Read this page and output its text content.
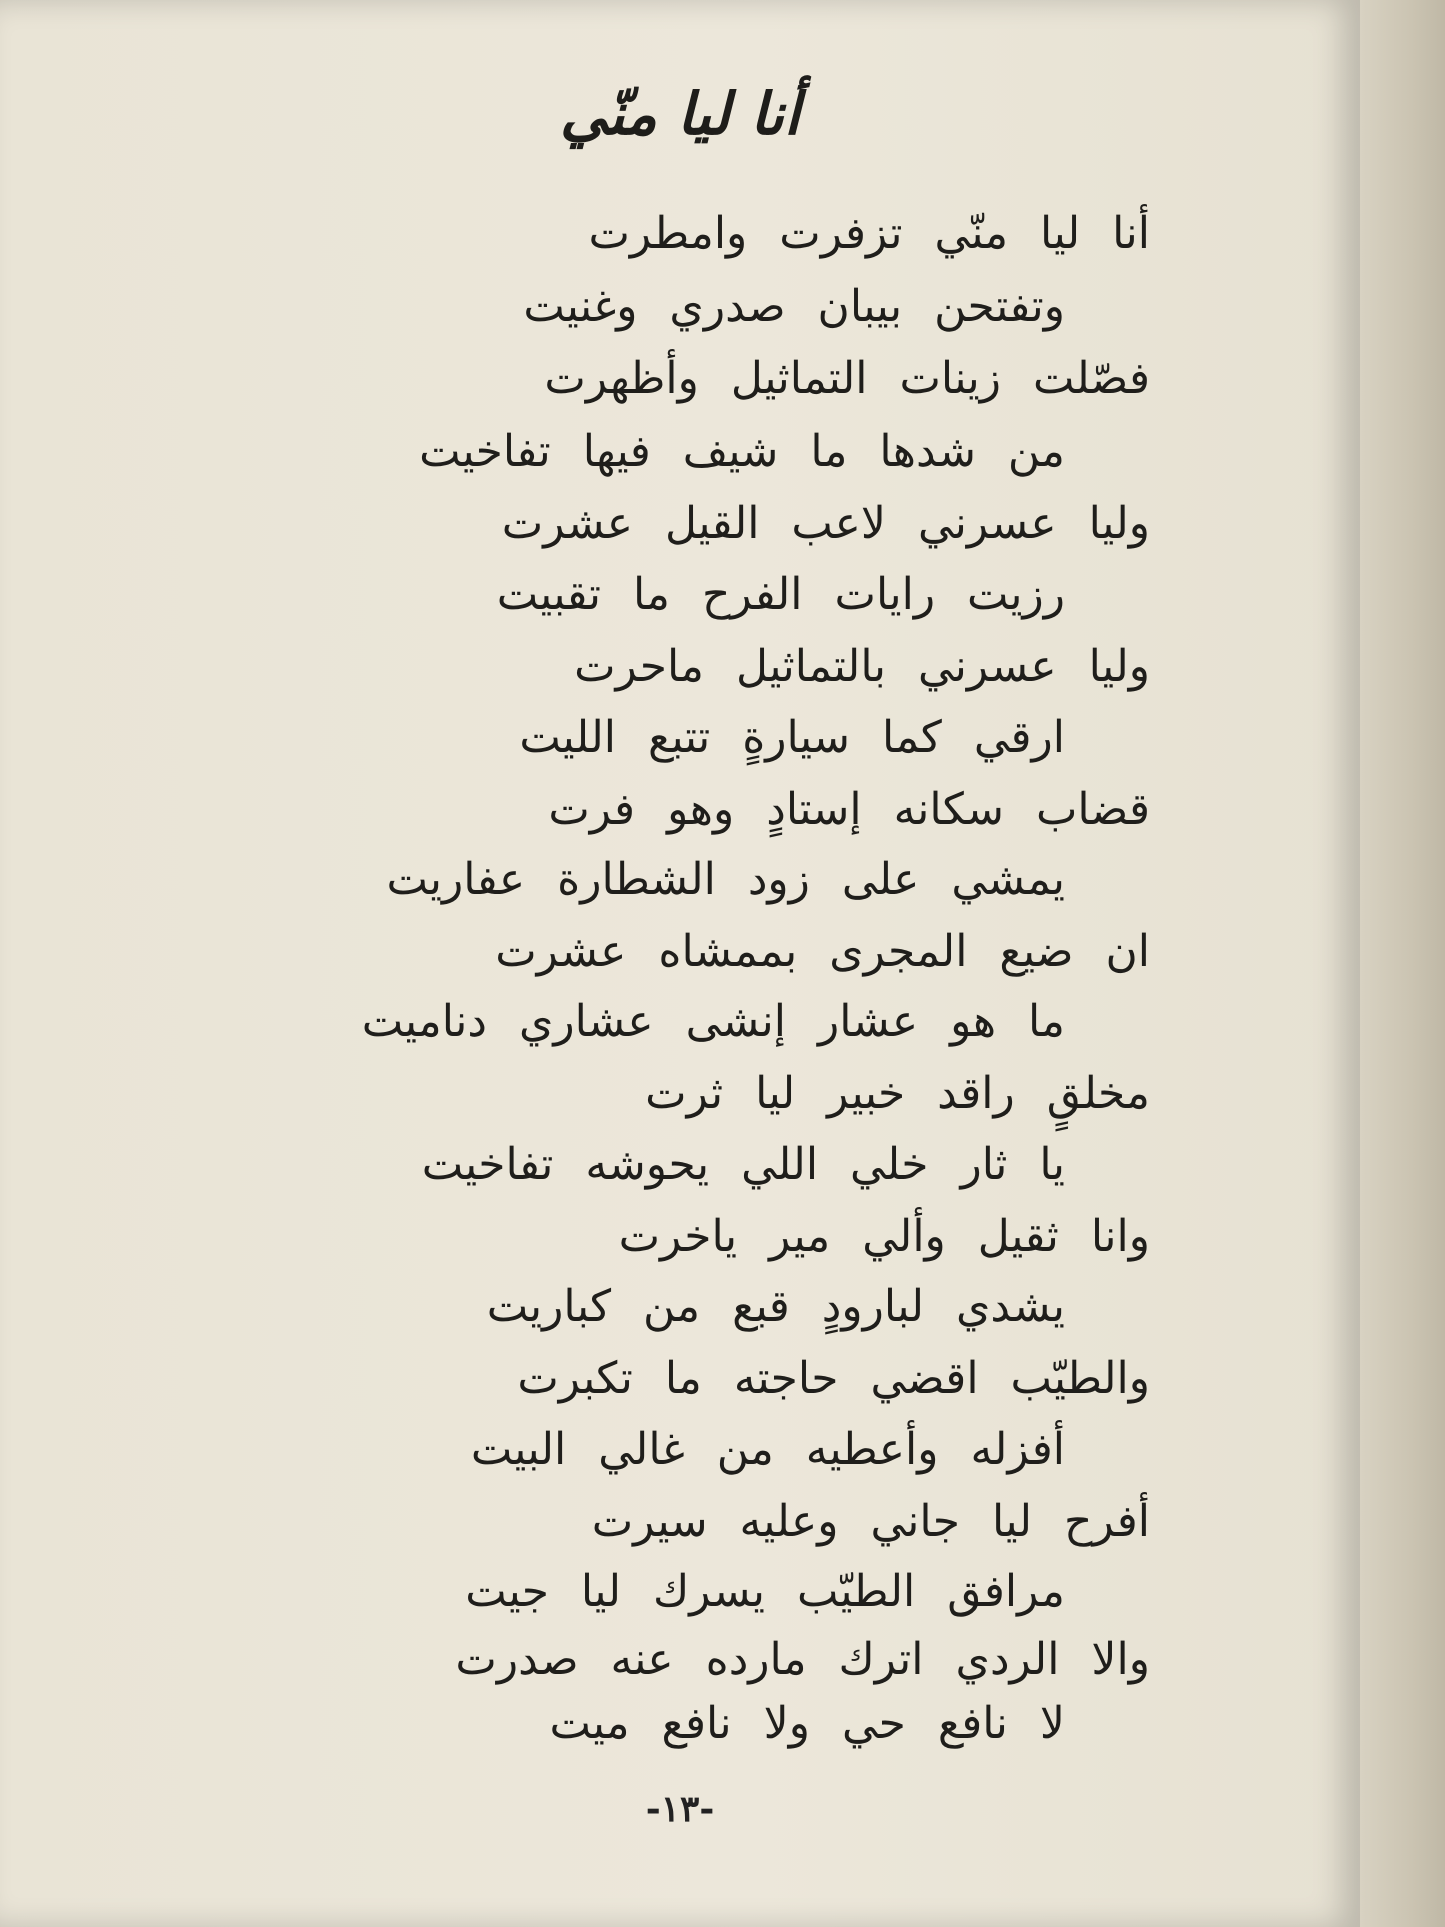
أنا ليا منّي
أنا ليا منّي تزفرت وامطرت
وتفتحن بيبان صدري وغنيت
فصّلت زينات التماثيل وأظهرت
من شدها ما شيف فيها تفاخيت
وليا عسرني لاعب القيل عشرت
رزيت رايات الفرح ما تقبيت
وليا عسرني بالتماثيل ماحرت
ارقي كما سيارةٍ تتبع الليت
قضاب سكانه إستادٍ وهو فرت
يمشي على زود الشطارة عفاريت
ان ضيع المجرى بممشاه عشرت
ما هو عشار إنشى عشاري دناميت
مخلقٍ راقد خبير ليا ثرت
يا ثار خلي اللي يحوشه تفاخيت
وانا ثقيل وألي مير ياخرت
يشدي لبارودٍ قبع من كباريت
والطيّب اقضي حاجته ما تكبرت
أفزله وأعطيه من غالي البيت
أفرح ليا جاني وعليه سيرت
مرافق الطيّب يسرك ليا جيت
والا الردي اترك مارده عنه صدرت
لا نافع حي ولا نافع ميت
-١٣-
